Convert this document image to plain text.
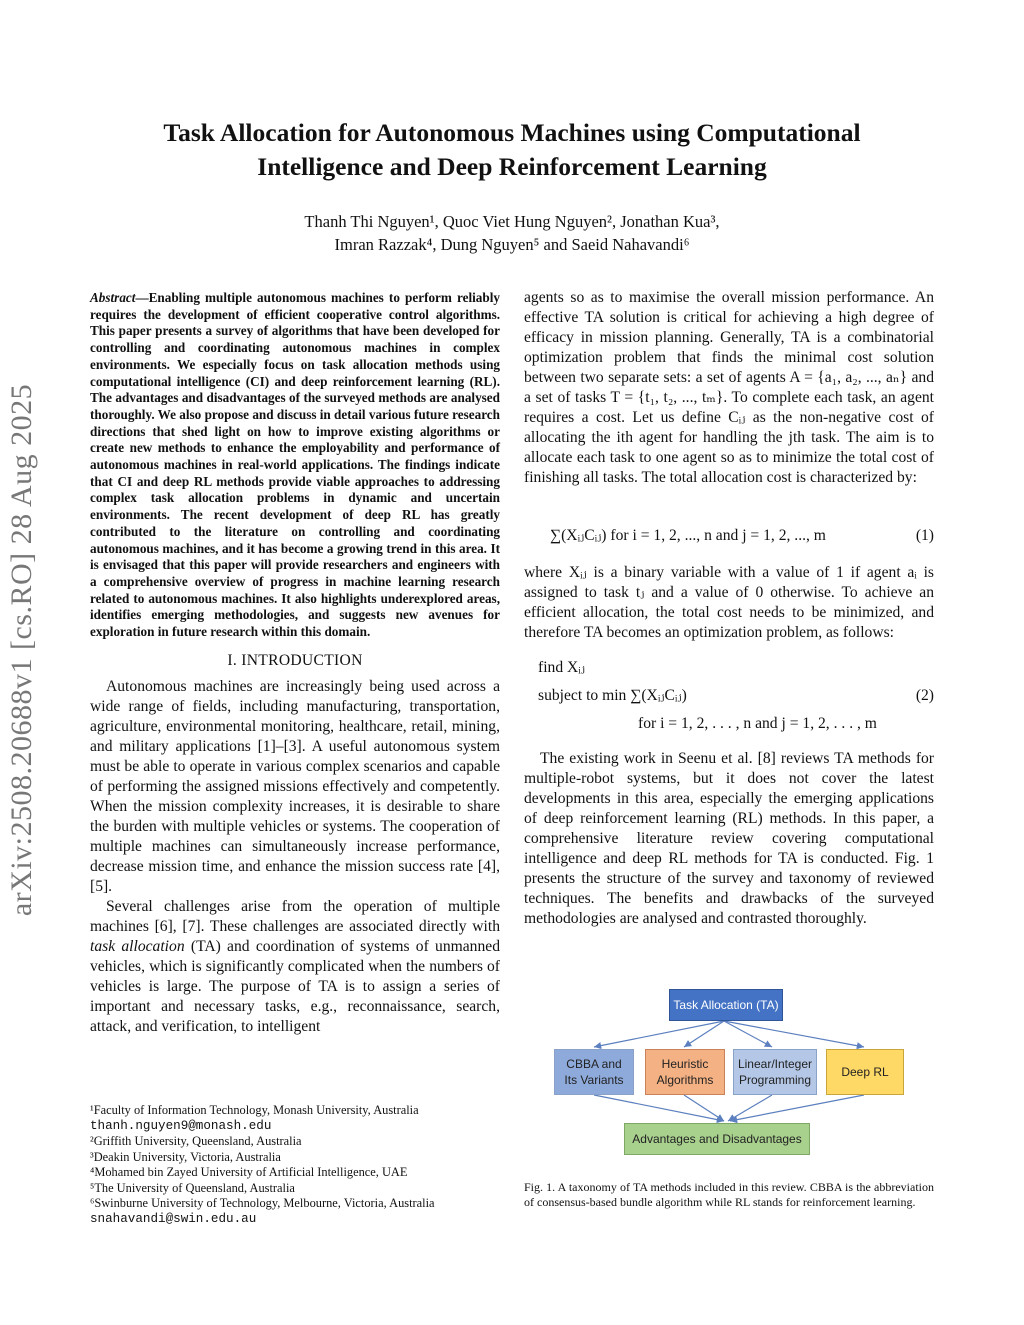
arXiv:2508.20688v1 [cs.RO] 28 Aug 2025
Task Allocation for Autonomous Machines using Computational
Intelligence and Deep Reinforcement Learning
Thanh Thi Nguyen¹, Quoc Viet Hung Nguyen², Jonathan Kua³,
Imran Razzak⁴, Dung Nguyen⁵ and Saeid Nahavandi⁶
Abstract—Enabling multiple autonomous machines to perform reliably requires the development of efficient cooperative control algorithms. This paper presents a survey of algorithms that have been developed for controlling and coordinating autonomous machines in complex environments. We especially focus on task allocation methods using computational intelligence (CI) and deep reinforcement learning (RL). The advantages and disadvantages of the surveyed methods are analysed thoroughly. We also propose and discuss in detail various future research directions that shed light on how to improve existing algorithms or create new methods to enhance the employability and performance of autonomous machines in real-world applications. The findings indicate that CI and deep RL methods provide viable approaches to addressing complex task allocation problems in dynamic and uncertain environments. The recent development of deep RL has greatly contributed to the literature on controlling and coordinating autonomous machines, and it has become a growing trend in this area. It is envisaged that this paper will provide researchers and engineers with a comprehensive overview of progress in machine learning research related to autonomous machines. It also highlights underexplored areas, identifies emerging methodologies, and suggests new avenues for exploration in future research within this domain.
I. INTRODUCTION

Autonomous machines are increasingly being used across a wide range of fields, including manufacturing, transportation, agriculture, environmental monitoring, healthcare, retail, mining, and military applications [1]–[3]. A useful autonomous system must be able to operate in various complex scenarios and capable of performing the assigned missions effectively and competently. When the mission complexity increases, it is desirable to share the burden with multiple vehicles or systems. The cooperation of multiple machines can simultaneously increase performance, decrease mission time, and enhance the mission success rate [4], [5].

Several challenges arise from the operation of multiple machines [6], [7]. These challenges are associated directly with task allocation (TA) and coordination of systems of unmanned vehicles, which is significantly complicated when the numbers of vehicles is large. The purpose of TA is to assign a series of important and necessary tasks, e.g., reconnaissance, search, attack, and verification, to intelligent

¹Faculty of Information Technology, Monash University, Australia
thanh.nguyen9@monash.edu
²Griffith University, Queensland, Australia
³Deakin University, Victoria, Australia
⁴Mohamed bin Zayed University of Artificial Intelligence, UAE
⁵The University of Queensland, Australia
⁶Swinburne University of Technology, Melbourne, Victoria, Australia
snahavandi@swin.edu.au

agents so as to maximise the overall mission performance. An effective TA solution is critical for achieving a high degree of efficacy in mission planning. Generally, TA is a combinatorial optimization problem that finds the minimal cost solution between two separate sets: a set of agents A = {a₁, a₂, ..., aₙ} and a set of tasks T = {t₁, t₂, ..., tₘ}. To complete each task, an agent requires a cost. Let us define Cᵢⱼ as the non-negative cost of allocating the ith agent for handling the jth task. The aim is to allocate each task to one agent so as to minimize the total cost of finishing all tasks. The total allocation cost is characterized by:

∑(XᵢⱼCᵢⱼ) for i = 1, 2, ..., n and j = 1, 2, ..., m	(1)

where Xᵢⱼ is a binary variable with a value of 1 if agent aᵢ is assigned to task tⱼ and a value of 0 otherwise. To achieve an efficient allocation, the total cost needs to be minimized, and therefore TA becomes an optimization problem, as follows:

find Xᵢⱼ
subject to min ∑(XᵢⱼCᵢⱼ)
for i = 1, 2, . . . , n and j = 1, 2, . . . , m
(2)

The existing work in Seenu et al. [8] reviews TA methods for multiple-robot systems, but it does not cover the latest developments in this area, especially the emerging applications of deep reinforcement learning (RL) methods. In this paper, a comprehensive literature review covering computational intelligence and deep RL methods for TA is conducted. Fig. 1 presents the structure of the survey and taxonomy of reviewed techniques. The benefits and drawbacks of the surveyed methodologies are analysed and contrasted thoroughly.

Task Allocation (TA)
CBBA and
Its Variants
Heuristic
Algorithms
Linear/Integer
Programming
Deep RL
Advantages and Disadvantages
Fig. 1. A taxonomy of TA methods included in this review. CBBA is the abbreviation of consensus-based bundle algorithm while RL stands for reinforcement learning.
